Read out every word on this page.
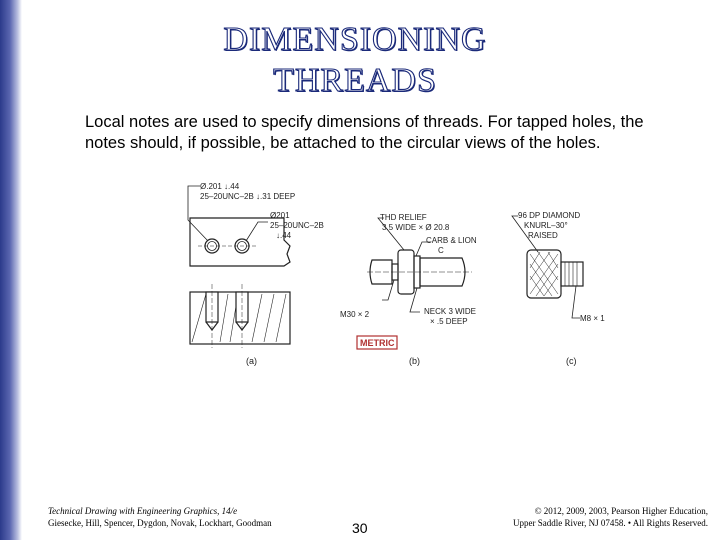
DIMENSIONING
THREADS

Local notes are used to specify dimensions of threads. For tapped holes, the notes should, if possible, be attached to the circular views of the holes.

Ø.201 ↓.44
25–20UNC–2B ↓.31 DEEP
Ø201
25–20UNC–2B
↓.44
(a)
THD RELIEF
3.5 WIDE × Ø 20.8
CARB & LION
C
M30 × 2	NECK 3 WIDE
× .5 DEEP
METRIC
(b)
96 DP DIAMOND
KNURL–30°
RAISED
M8 × 1
(c)
Technical Drawing with Engineering Graphics, 14/e
Giesecke, Hill, Spencer, Dygdon, Novak, Lockhart, Goodman	30
© 2012, 2009, 2003, Pearson Higher Education,
Upper Saddle River, NJ 07458. • All Rights Reserved.
